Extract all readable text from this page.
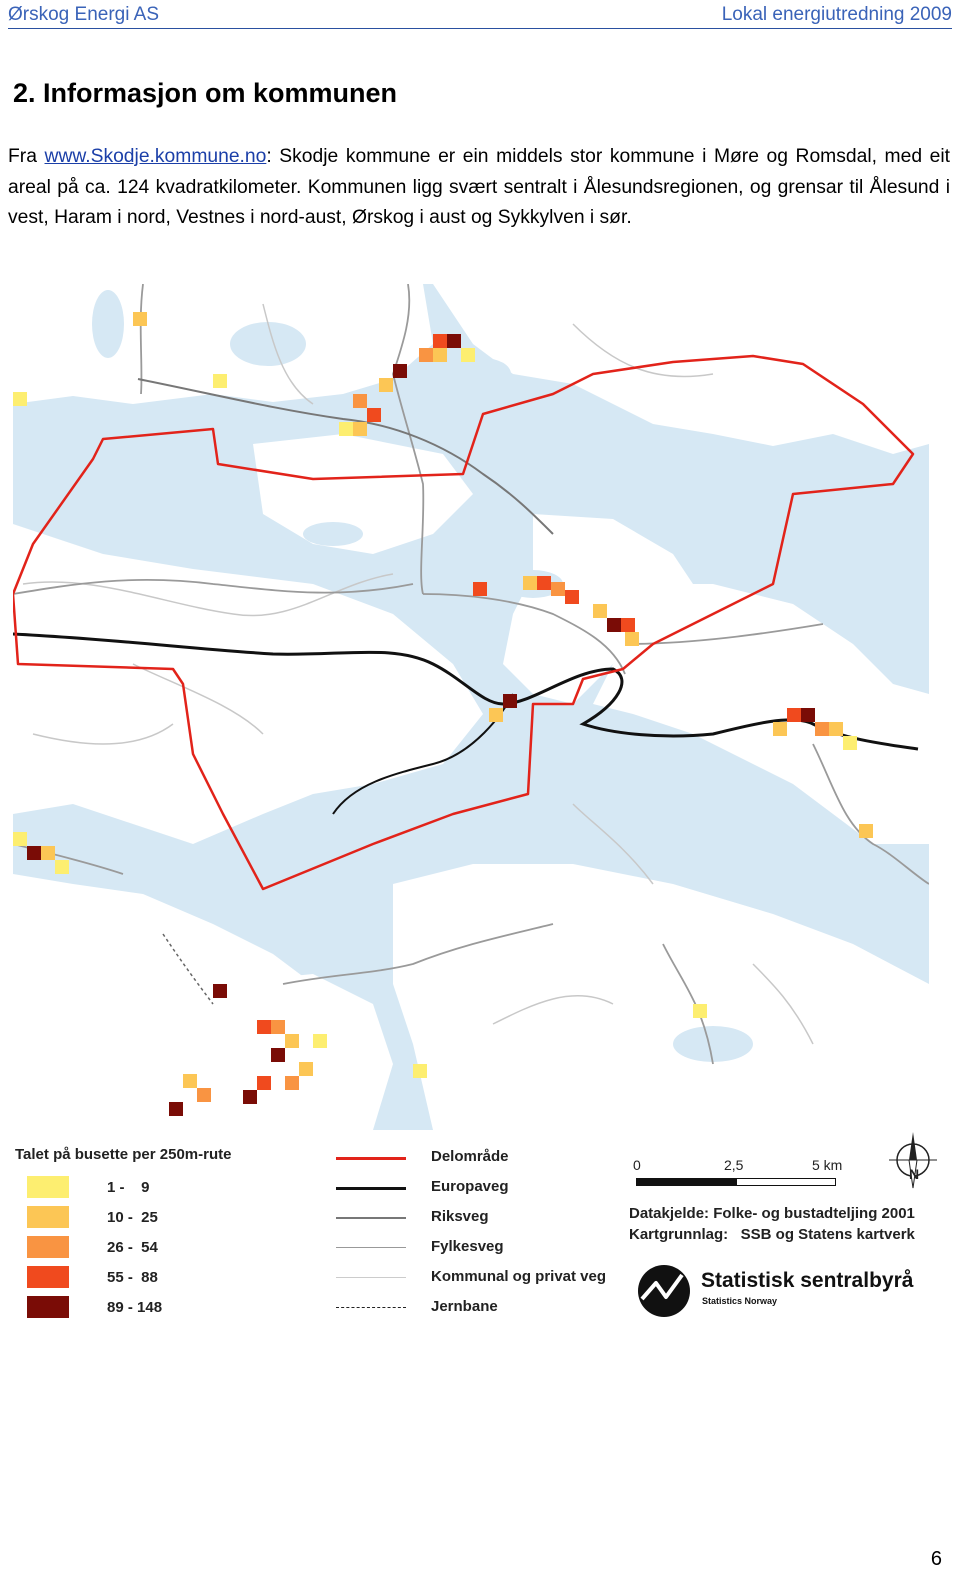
Ørskog Energi AS	Lokal energiutredning 2009
2. Informasjon om kommunen

Fra www.Skodje.kommune.no: Skodje kommune er ein middels stor kommune i Møre og Romsdal, med eit areal på ca. 124 kvadratkilometer. Kommunen ligg svært sentralt i Ålesundsregionen, og grensar til Ålesund i vest, Haram i nord, Vestnes i nord-aust, Ørskog i aust og Sykkylven i sør.

Talet på busette per 250m-rute
1 -    9
10 -  25
26 -  54
55 -  88
89 - 148
Delområde
Europaveg
Riksveg
Fylkesveg
Kommunal og privat veg
Jernbane
0	2,5	5 km
N
Datakjelde: Folke- og bustadteljing 2001
Kartgrunnlag:   SSB og Statens kartverk
Statistisk sentralbyrå
Statistics Norway
6
